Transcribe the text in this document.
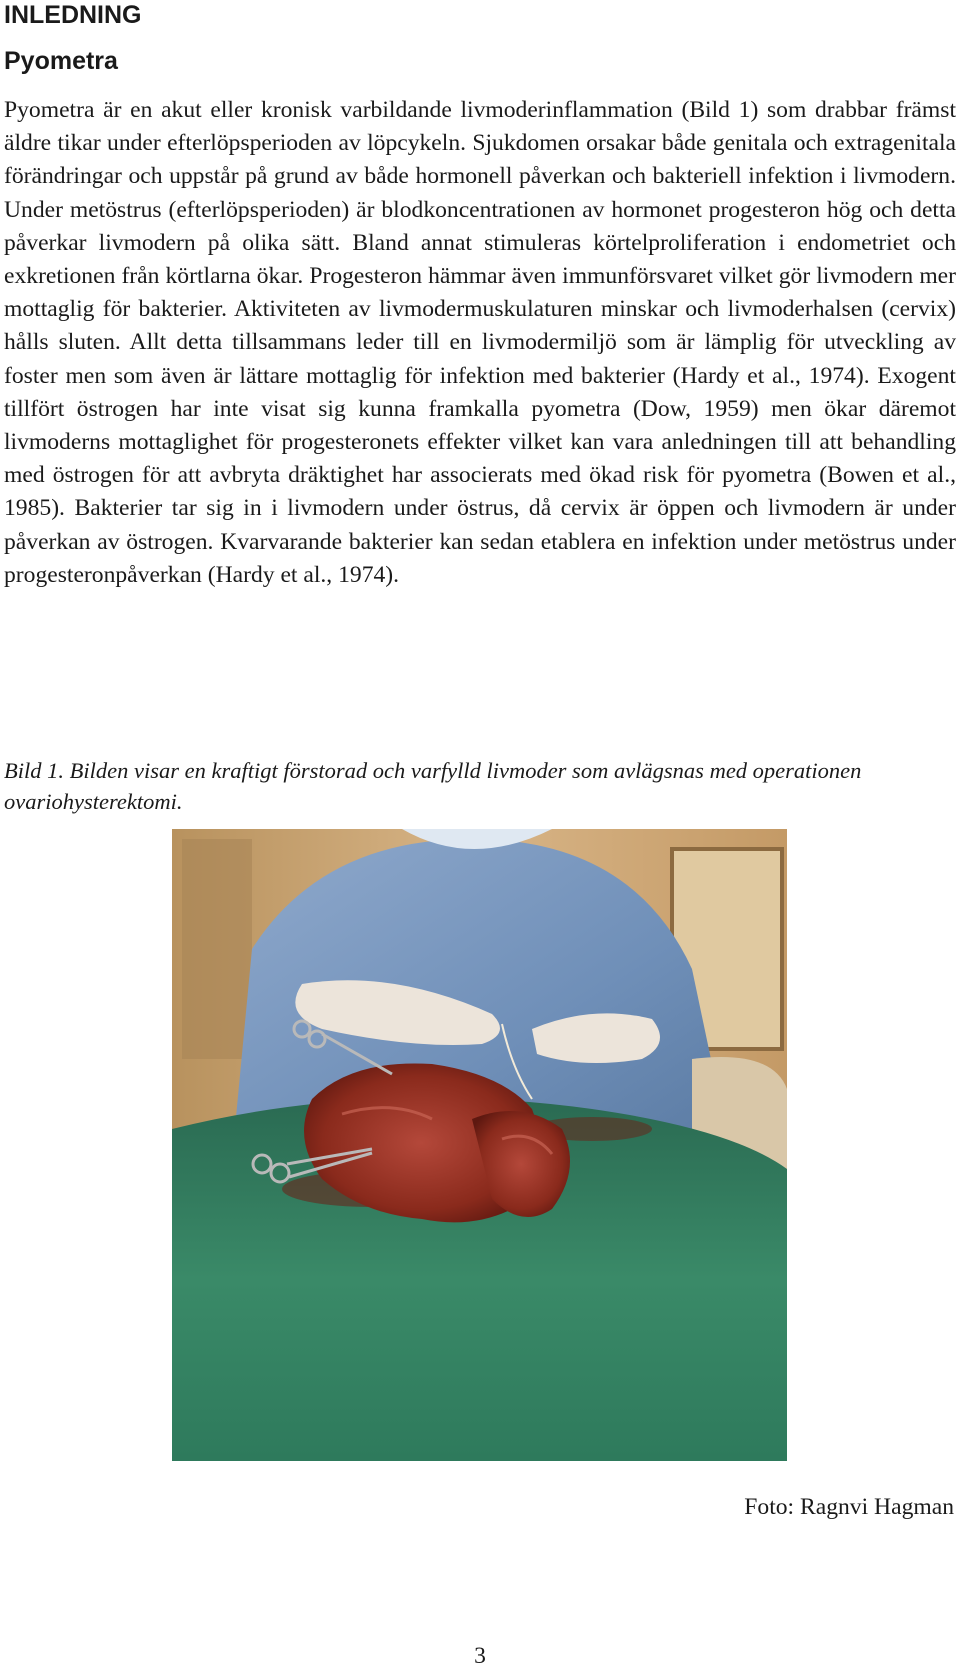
INLEDNING
Pyometra

Pyometra är en akut eller kronisk varbildande livmoderinflammation (Bild 1) som drabbar främst äldre tikar under efterlöpsperioden av löpcykeln. Sjukdomen orsakar både genitala och extragenitala förändringar och uppstår på grund av både hormonell påverkan och bakteriell infektion i livmodern. Under metöstrus (efterlöpsperioden) är blodkoncentrationen av hormonet progesteron hög och detta påverkar livmodern på olika sätt. Bland annat stimuleras körtelproliferation i endometriet och exkretionen från körtlarna ökar. Progesteron hämmar även immunförsvaret vilket gör livmodern mer mottaglig för bakterier. Aktiviteten av livmodermuskulaturen minskar och livmoderhalsen (cervix) hålls sluten. Allt detta tillsammans leder till en livmodermiljö som är lämplig för utveckling av foster men som även är lättare mottaglig för infektion med bakterier (Hardy et al., 1974). Exogent tillfört östrogen har inte visat sig kunna framkalla pyometra (Dow, 1959) men ökar däremot livmoderns mottaglighet för progesteronets effekter vilket kan vara anledningen till att behandling med östrogen för att avbryta dräktighet har associerats med ökad risk för pyometra (Bowen et al., 1985). Bakterier tar sig in i livmodern under östrus, då cervix är öppen och livmodern är under påverkan av östrogen. Kvarvarande bakterier kan sedan etablera en infektion under metöstrus under progesteronpåverkan (Hardy et al., 1974).

Bild 1. Bilden visar en kraftigt förstorad och varfylld livmoder som avlägsnas med operationen ovariohysterektomi.

Foto: Ragnvi Hagman

3
